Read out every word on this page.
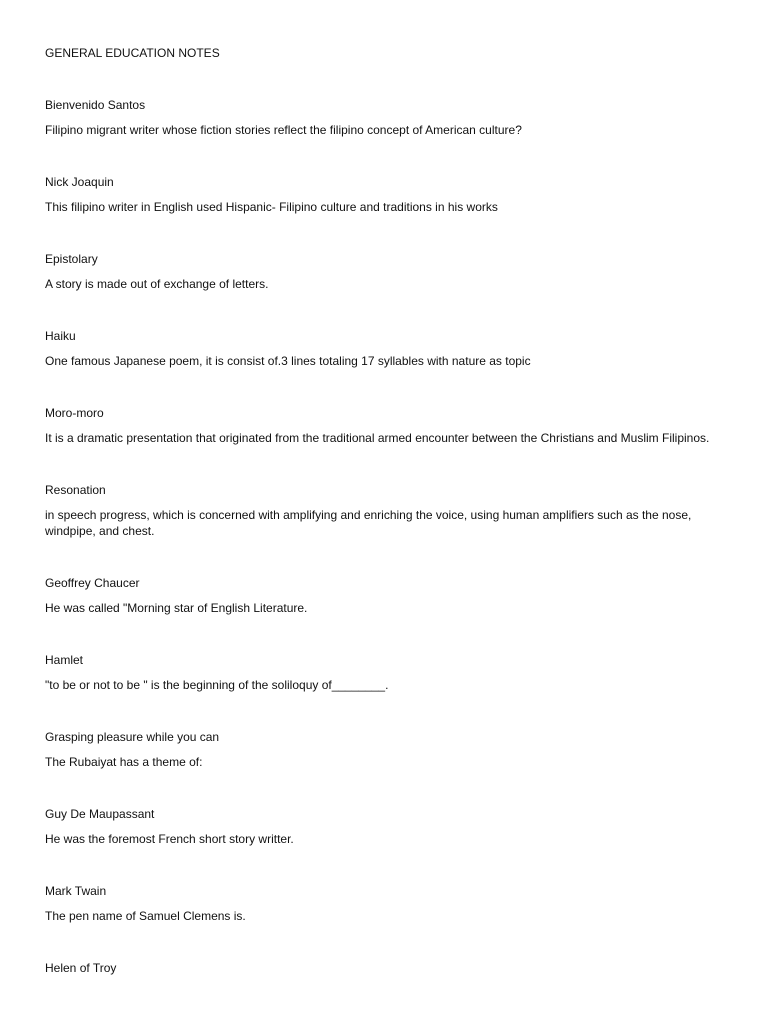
GENERAL EDUCATION NOTES
Bienvenido Santos
Filipino migrant writer whose fiction stories reflect the filipino concept of American culture?
Nick Joaquin
This filipino writer in English used Hispanic- Filipino culture and traditions in his works
Epistolary
A story is made out of exchange of letters.
Haiku
One famous Japanese poem, it is consist of.3 lines totaling 17 syllables with nature as topic
Moro-moro
It is a dramatic presentation that originated from the traditional armed encounter between the Christians and Muslim Filipinos.
Resonation
in speech progress, which is concerned with amplifying and enriching the voice, using human amplifiers such as the nose, windpipe, and chest.
Geoffrey Chaucer
He was called "Morning star of English Literature.
Hamlet
"to be or not to be " is the beginning of the soliloquy of________.
Grasping pleasure while you can
The Rubaiyat has a theme of:
Guy De Maupassant
He was the foremost French short story writter.
Mark Twain
The pen name of Samuel Clemens is.
Helen of Troy
